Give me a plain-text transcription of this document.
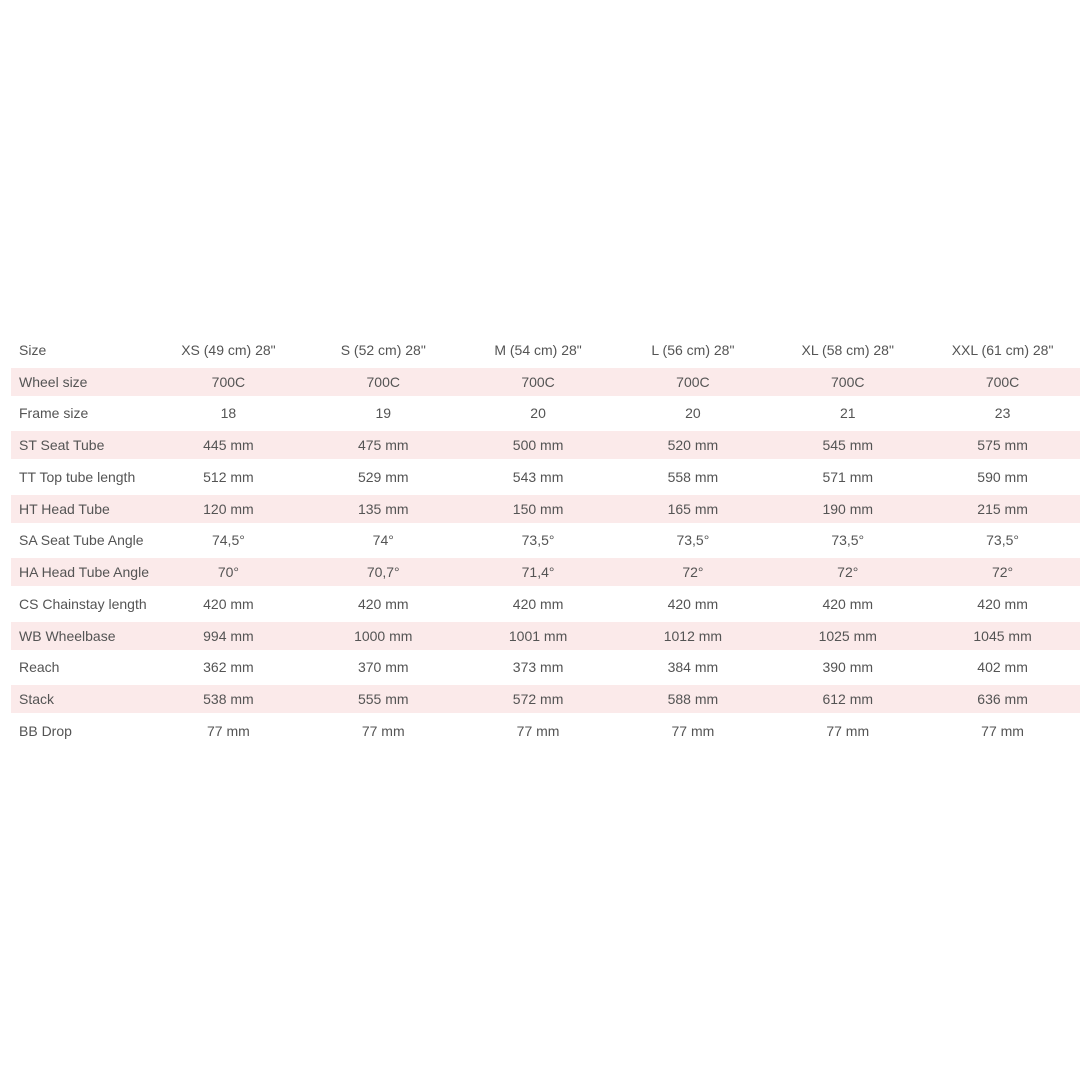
Size	XS (49 cm) 28"	S (52 cm) 28"	M (54 cm) 28"	L (56 cm) 28"	XL (58 cm) 28"	XXL (61 cm) 28"
Wheel size	700C	700C	700C	700C	700C	700C
Frame size	18	19	20	20	21	23
ST Seat Tube	445 mm	475 mm	500 mm	520 mm	545 mm	575 mm
TT Top tube length	512 mm	529 mm	543 mm	558 mm	571 mm	590 mm
HT Head Tube	120 mm	135 mm	150 mm	165 mm	190 mm	215 mm
SA Seat Tube Angle	74,5°	74°	73,5°	73,5°	73,5°	73,5°
HA Head Tube Angle	70°	70,7°	71,4°	72°	72°	72°
CS Chainstay length	420 mm	420 mm	420 mm	420 mm	420 mm	420 mm
WB Wheelbase	994 mm	1000 mm	1001 mm	1012 mm	1025 mm	1045 mm
Reach	362 mm	370 mm	373 mm	384 mm	390 mm	402 mm
Stack	538 mm	555 mm	572 mm	588 mm	612 mm	636 mm
BB Drop	77 mm	77 mm	77 mm	77 mm	77 mm	77 mm
